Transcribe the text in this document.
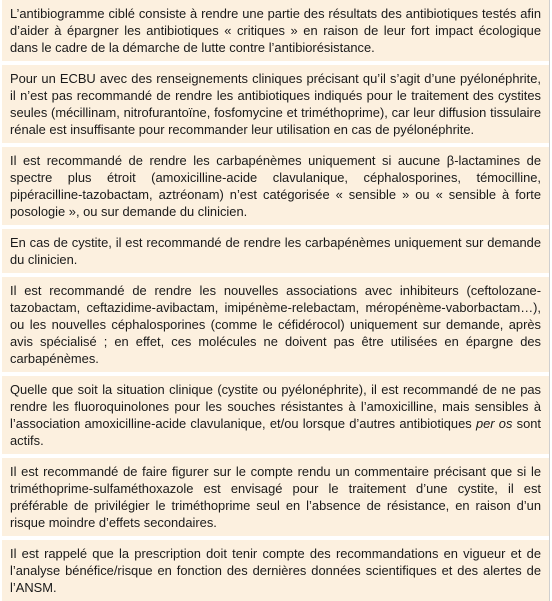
L’antibiogramme ciblé consiste à rendre une partie des résultats des antibiotiques testés afin d’aider à épargner les antibiotiques « critiques » en raison de leur fort impact écologique dans le cadre de la démarche de lutte contre l’antibiorésistance.

Pour un ECBU avec des renseignements cliniques précisant qu’il s’agit d’une pyélonéphrite, il n’est pas recommandé de rendre les antibiotiques indiqués pour le traitement des cystites seules (mécillinam, nitrofurantoïne, fosfomycine et triméthoprime), car leur diffusion tissulaire rénale est insuffisante pour recommander leur utilisation en cas de pyélonéphrite.

Il est recommandé de rendre les carbapénèmes uniquement si aucune β-lactamines de spectre plus étroit (amoxicilline-acide clavulanique, céphalosporines, témocilline, pipéracilline-tazobactam, aztréonam) n’est catégorisée « sensible » ou « sensible à forte posologie », ou sur demande du clinicien.

En cas de cystite, il est recommandé de rendre les carbapénèmes uniquement sur demande du clinicien.

Il est recommandé de rendre les nouvelles associations avec inhibiteurs (ceftolozane-tazobactam, ceftazidime-avibactam, imipénème-relebactam, méropénème-vaborbactam…), ou les nouvelles céphalosporines (comme le céfidérocol) uniquement sur demande, après avis spécialisé ; en effet, ces molécules ne doivent pas être utilisées en épargne des carbapénèmes.

Quelle que soit la situation clinique (cystite ou pyélonéphrite), il est recommandé de ne pas rendre les fluoroquinolones pour les souches résistantes à l’amoxicilline, mais sensibles à l’association amoxicilline-acide clavulanique, et/ou lorsque d’autres antibiotiques per os sont actifs.

Il est recommandé de faire figurer sur le compte rendu un commentaire précisant que si le triméthoprime-sulfaméthoxazole est envisagé pour le traitement d’une cystite, il est préférable de privilégier le triméthoprime seul en l’absence de résistance, en raison d’un risque moindre d’effets secondaires.

Il est rappelé que la prescription doit tenir compte des recommandations en vigueur et de l’analyse bénéfice/risque en fonction des dernières données scientifiques et des alertes de l’ANSM.
